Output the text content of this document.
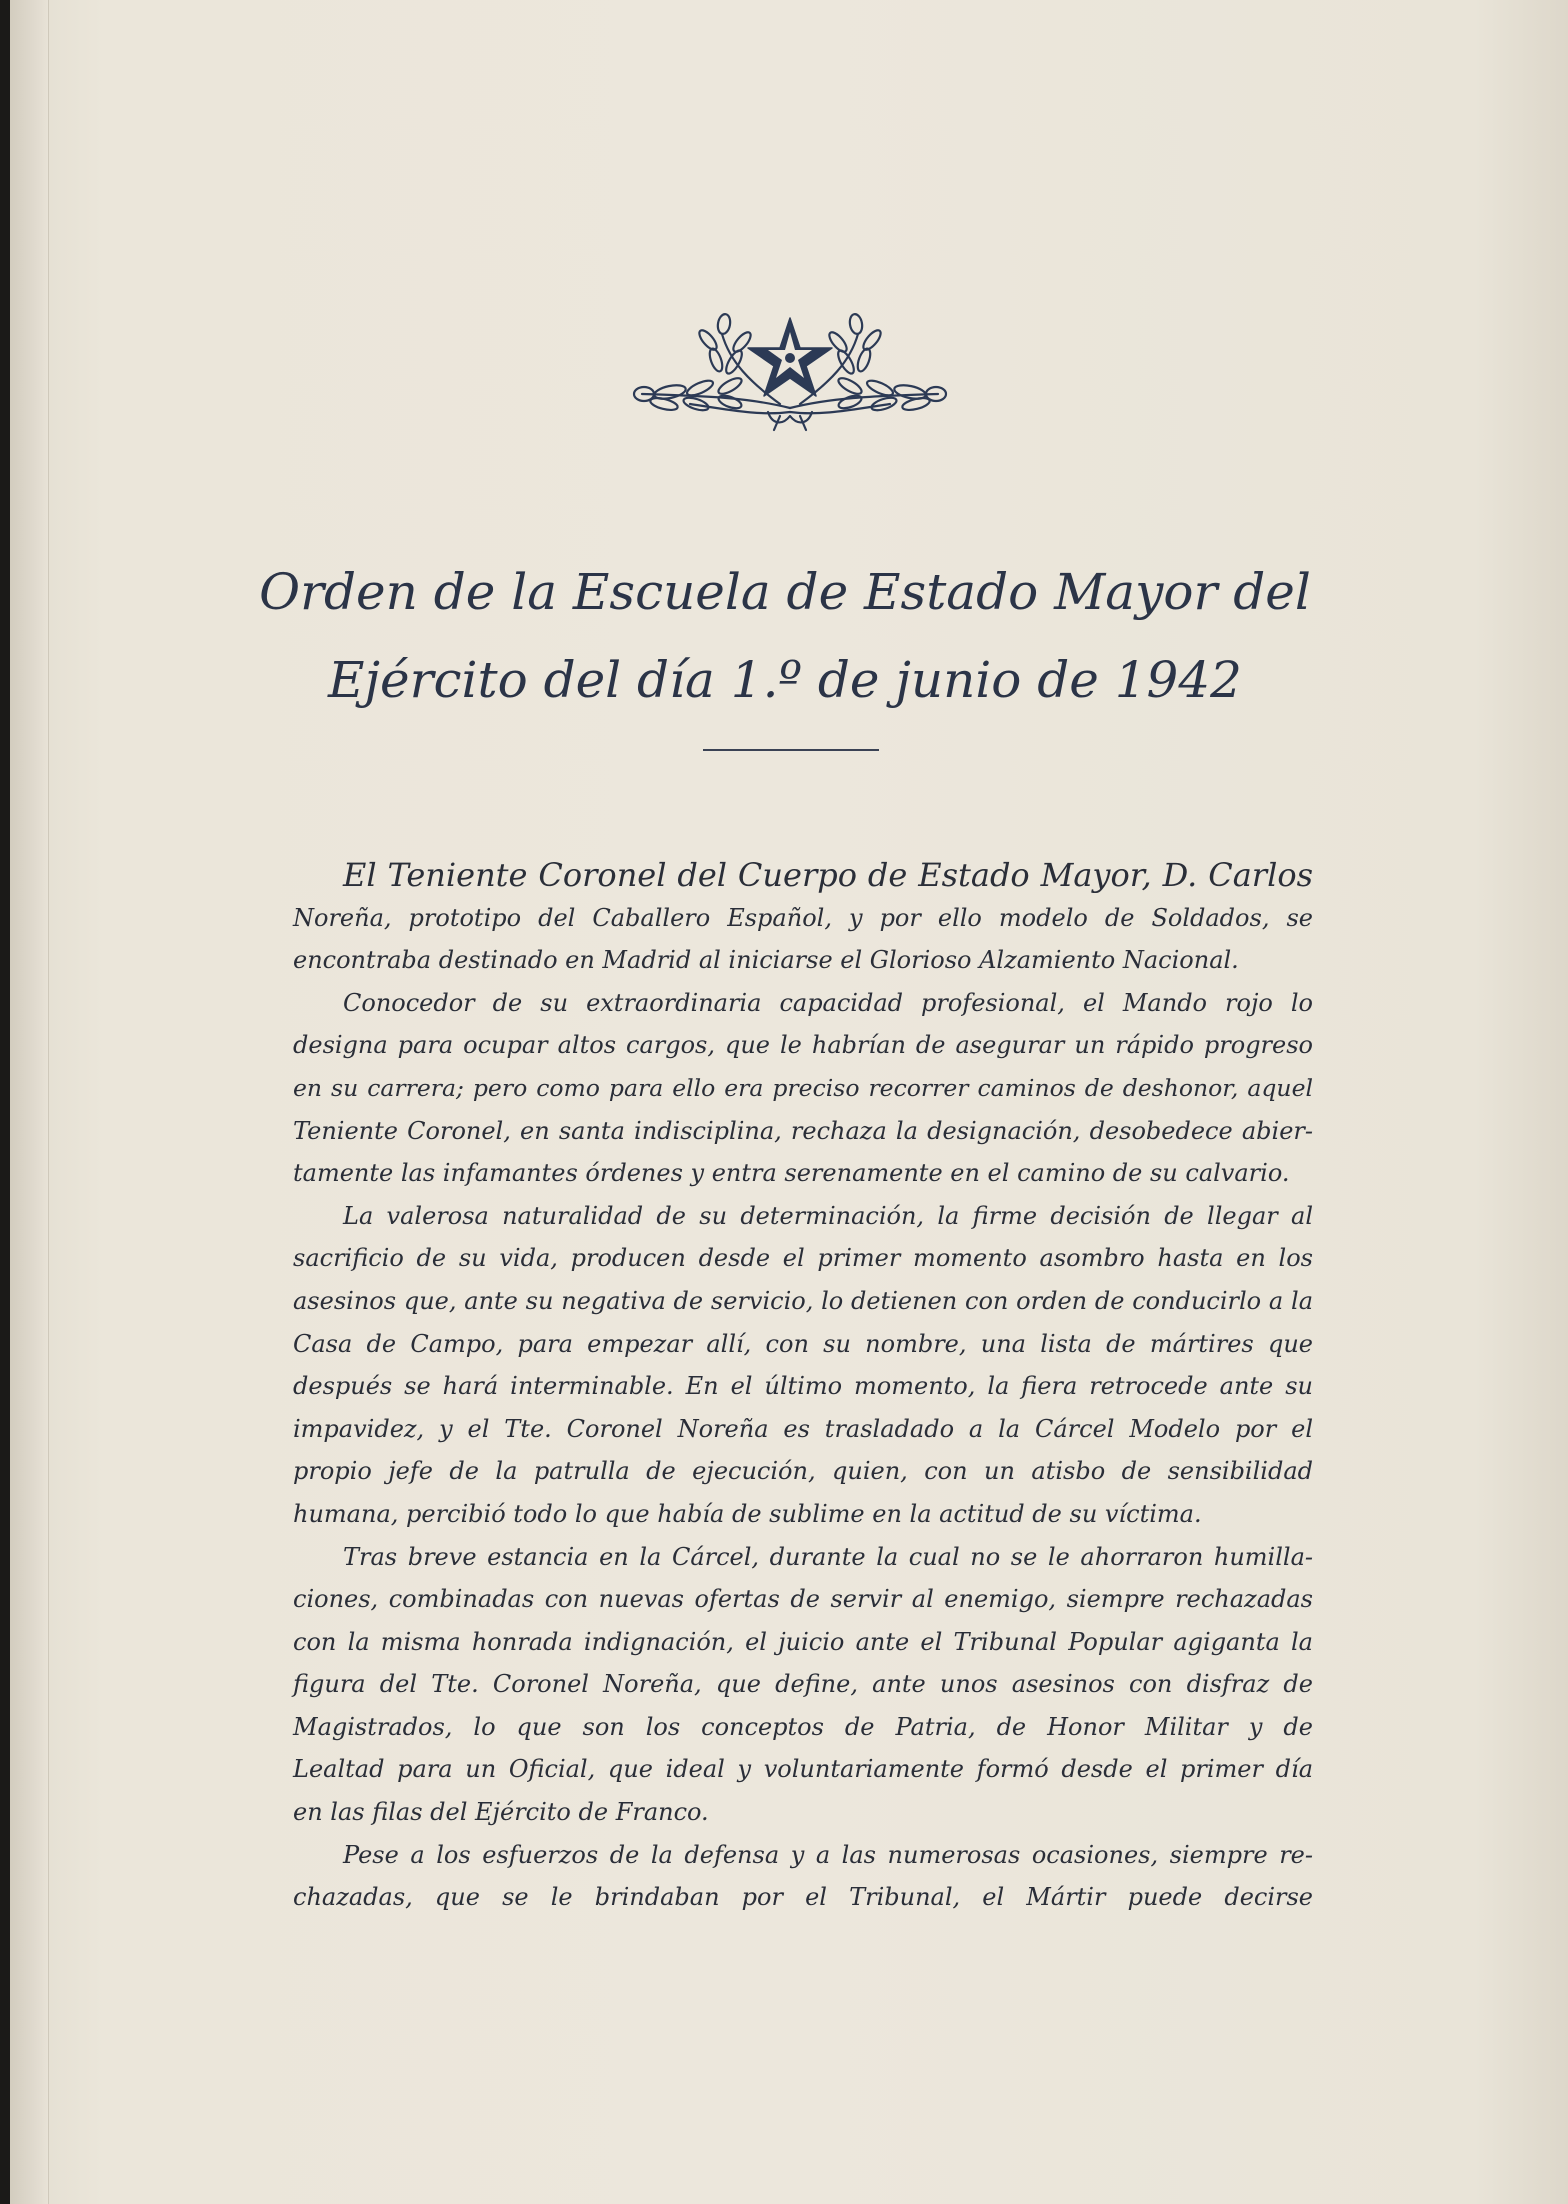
Orden de la Escuela de Estado Mayor del
Ejército del día 1.º de junio de 1942
El Teniente Coronel del Cuerpo de Estado Mayor, D. Carlos
Noreña, prototipo del Caballero Español, y por ello modelo de Soldados, se
encontraba destinado en Madrid al iniciarse el Glorioso Alzamiento Nacional.
Conocedor de su extraordinaria capacidad profesional, el Mando rojo lo
designa para ocupar altos cargos, que le habrían de asegurar un rápido progreso
en su carrera; pero como para ello era preciso recorrer caminos de deshonor, aquel
Teniente Coronel, en santa indisciplina, rechaza la designación, desobedece abier-
tamente las infamantes órdenes y entra serenamente en el camino de su calvario.
La valerosa naturalidad de su determinación, la firme decisión de llegar al
sacrificio de su vida, producen desde el primer momento asombro hasta en los
asesinos que, ante su negativa de servicio, lo detienen con orden de conducirlo a la
Casa de Campo, para empezar allí, con su nombre, una lista de mártires que
después se hará interminable. En el último momento, la fiera retrocede ante su
impavidez, y el Tte. Coronel Noreña es trasladado a la Cárcel Modelo por el
propio jefe de la patrulla de ejecución, quien, con un atisbo de sensibilidad
humana, percibió todo lo que había de sublime en la actitud de su víctima.
Tras breve estancia en la Cárcel, durante la cual no se le ahorraron humilla-
ciones, combinadas con nuevas ofertas de servir al enemigo, siempre rechazadas
con la misma honrada indignación, el juicio ante el Tribunal Popular agiganta la
figura del Tte. Coronel Noreña, que define, ante unos asesinos con disfraz de
Magistrados, lo que son los conceptos de Patria, de Honor Militar y de
Lealtad para un Oficial, que ideal y voluntariamente formó desde el primer día
en las filas del Ejército de Franco.
Pese a los esfuerzos de la defensa y a las numerosas ocasiones, siempre re-
chazadas, que se le brindaban por el Tribunal, el Mártir puede decirse
